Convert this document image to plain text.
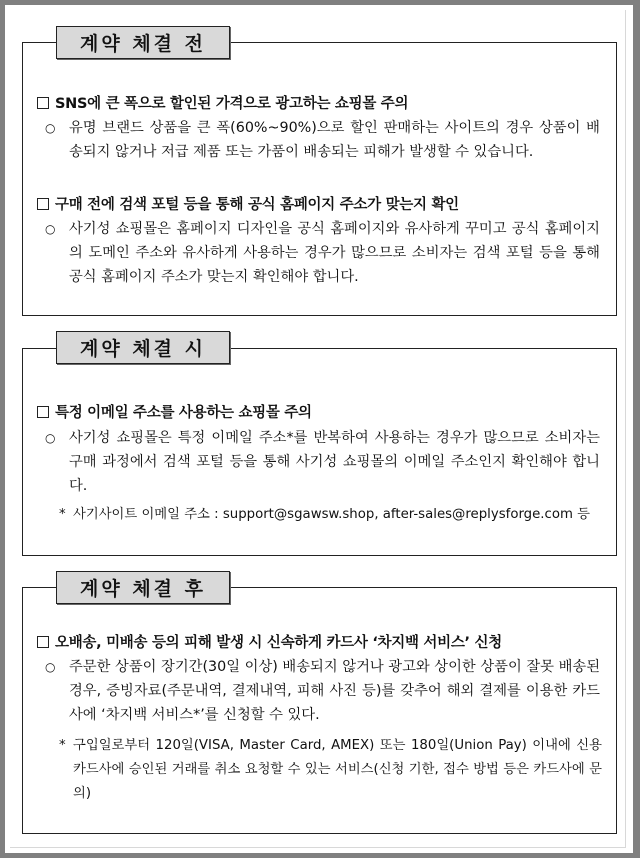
SNS에 큰 폭으로 할인된 가격으로 광고하는 쇼핑몰 주의
○ 유명 브랜드 상품을 큰 폭(60%~90%)으로 할인 판매하는 사이트의 경우 상품이 배송되지 않거나 저급 제품 또는 가품이 배송되는 피해가 발생할 수 있습니다.
구매 전에 검색 포털 등을 통해 공식 홈페이지 주소가 맞는지 확인
○ 사기성 쇼핑몰은 홈페이지 디자인을 공식 홈페이지와 유사하게 꾸미고 공식 홈페이지의 도메인 주소와 유사하게 사용하는 경우가 많으므로 소비자는 검색 포털 등을 통해 공식 홈페이지 주소가 맞는지 확인해야 합니다.
계약 체결 전
특정 이메일 주소를 사용하는 쇼핑몰 주의
○ 사기성 쇼핑몰은 특정 이메일 주소*를 반복하여 사용하는 경우가 많으므로 소비자는 구매 과정에서 검색 포털 등을 통해 사기성 쇼핑몰의 이메일 주소인지 확인해야 합니다.
* 사기사이트 이메일 주소 : support@sgawsw.shop, after-sales@replysforge.com 등
계약 체결 시
오배송, 미배송 등의 피해 발생 시 신속하게 카드사 ‘차지백 서비스’ 신청
○ 주문한 상품이 장기간(30일 이상) 배송되지 않거나 광고와 상이한 상품이 잘못 배송된 경우, 증빙자료(주문내역, 결제내역, 피해 사진 등)를 갖추어 해외 결제를 이용한 카드사에 ‘차지백 서비스*’를 신청할 수 있다.
* 구입일로부터 120일(VISA, Master Card, AMEX) 또는 180일(Union Pay) 이내에 신용카드사에 승인된 거래를 취소 요청할 수 있는 서비스(신청 기한, 접수 방법 등은 카드사에 문의)
계약 체결 후
